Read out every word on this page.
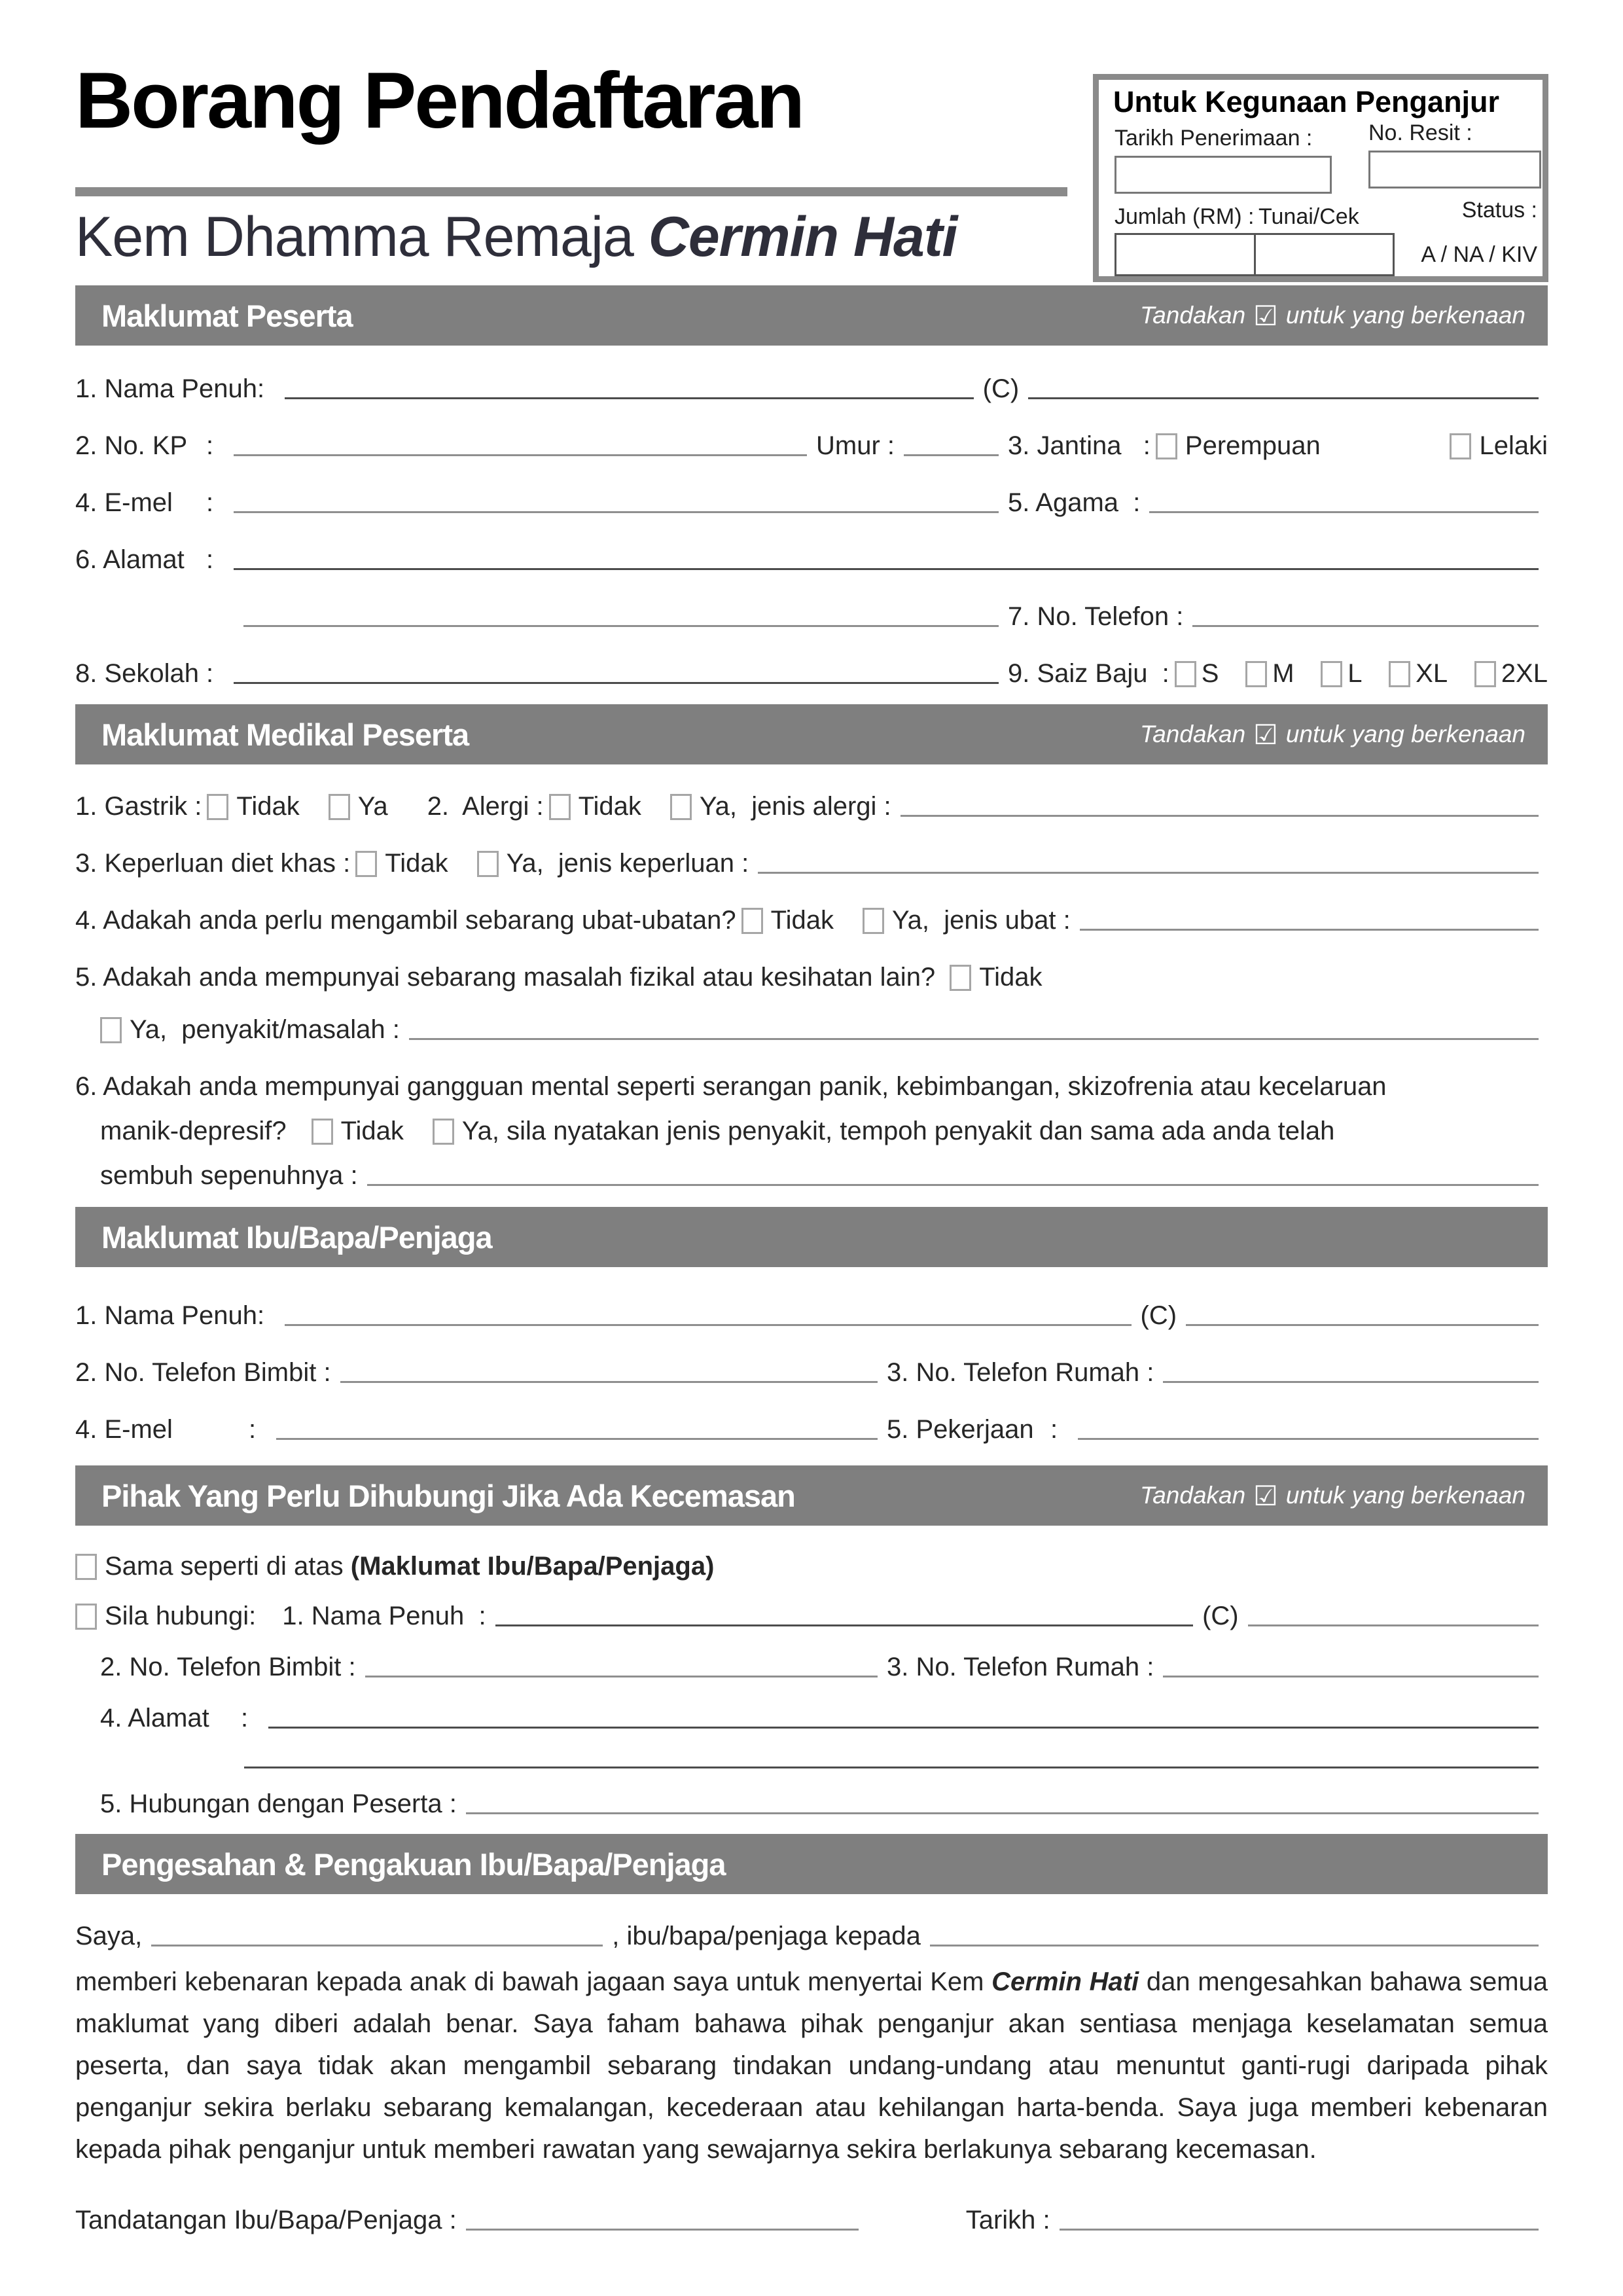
Borang Pendaftaran
Kem Dhamma Remaja Cermin Hati
Untuk Kegunaan Penganjur
Tarikh Penerimaan :	No. Resit :
Jumlah (RM) : Tunai/Cek	Status :
A / NA / KIV
Maklumat Peserta	Tandakan ☑ untuk yang berkenaan
1. Nama Penuh :	(C)
2. No. KP :	Umur :	3. Jantina   : Perempuan	Lelaki
4. E-mel	:	5. Agama  :
6. Alamat :
7. No. Telefon :
8. Sekolah :	9. Saiz Baju  : S M L XL 2XL
Maklumat Medikal Peserta	Tandakan ☑ untuk yang berkenaan
1. Gastrik : Tidak Ya 2.  Alergi : Tidak Ya,  jenis alergi :
3. Keperluan diet khas : Tidak Ya,  jenis keperluan :
4. Adakah anda perlu mengambil sebarang ubat-ubatan? Tidak Ya,  jenis ubat :
5. Adakah anda mempunyai sebarang masalah fizikal atau kesihatan lain? Tidak
Ya,  penyakit/masalah :
6. Adakah anda mempunyai gangguan mental seperti serangan panik, kebimbangan, skizofrenia atau kecelaruan
manik-depresif? Tidak Ya, sila nyatakan jenis penyakit, tempoh penyakit dan sama ada anda telah
sembuh sepenuhnya :
Maklumat Ibu/Bapa/Penjaga
1. Nama Penuh :	(C)
2. No. Telefon Bimbit :	3. No. Telefon Rumah :
4. E-mel	:	5. Pekerjaan :
Pihak Yang Perlu Dihubungi Jika Ada Kecemasan	Tandakan ☑ untuk yang berkenaan
Sama seperti di atas (Maklumat Ibu/Bapa/Penjaga)
Sila hubungi: 1. Nama Penuh  :	(C)
2. No. Telefon Bimbit :	3. No. Telefon Rumah :
4. Alamat	:
5. Hubungan dengan Peserta :
Pengesahan & Pengakuan Ibu/Bapa/Penjaga
Saya,	, ibu/bapa/penjaga kepada

memberi kebenaran kepada anak di bawah jagaan saya untuk menyertai Kem Cermin Hati dan mengesahkan bahawa semua maklumat yang diberi adalah benar. Saya faham bahawa pihak penganjur akan sentiasa menjaga keselamatan semua peserta, dan saya tidak akan mengambil sebarang tindakan undang-undang atau menuntut ganti-rugi daripada pihak penganjur sekira berlaku sebarang kemalangan, kecederaan atau kehilangan harta-benda. Saya juga memberi kebenaran kepada pihak penganjur untuk memberi rawatan yang sewajarnya sekira berlakunya sebarang kecemasan.

Tandatangan Ibu/Bapa/Penjaga :	Tarikh :
